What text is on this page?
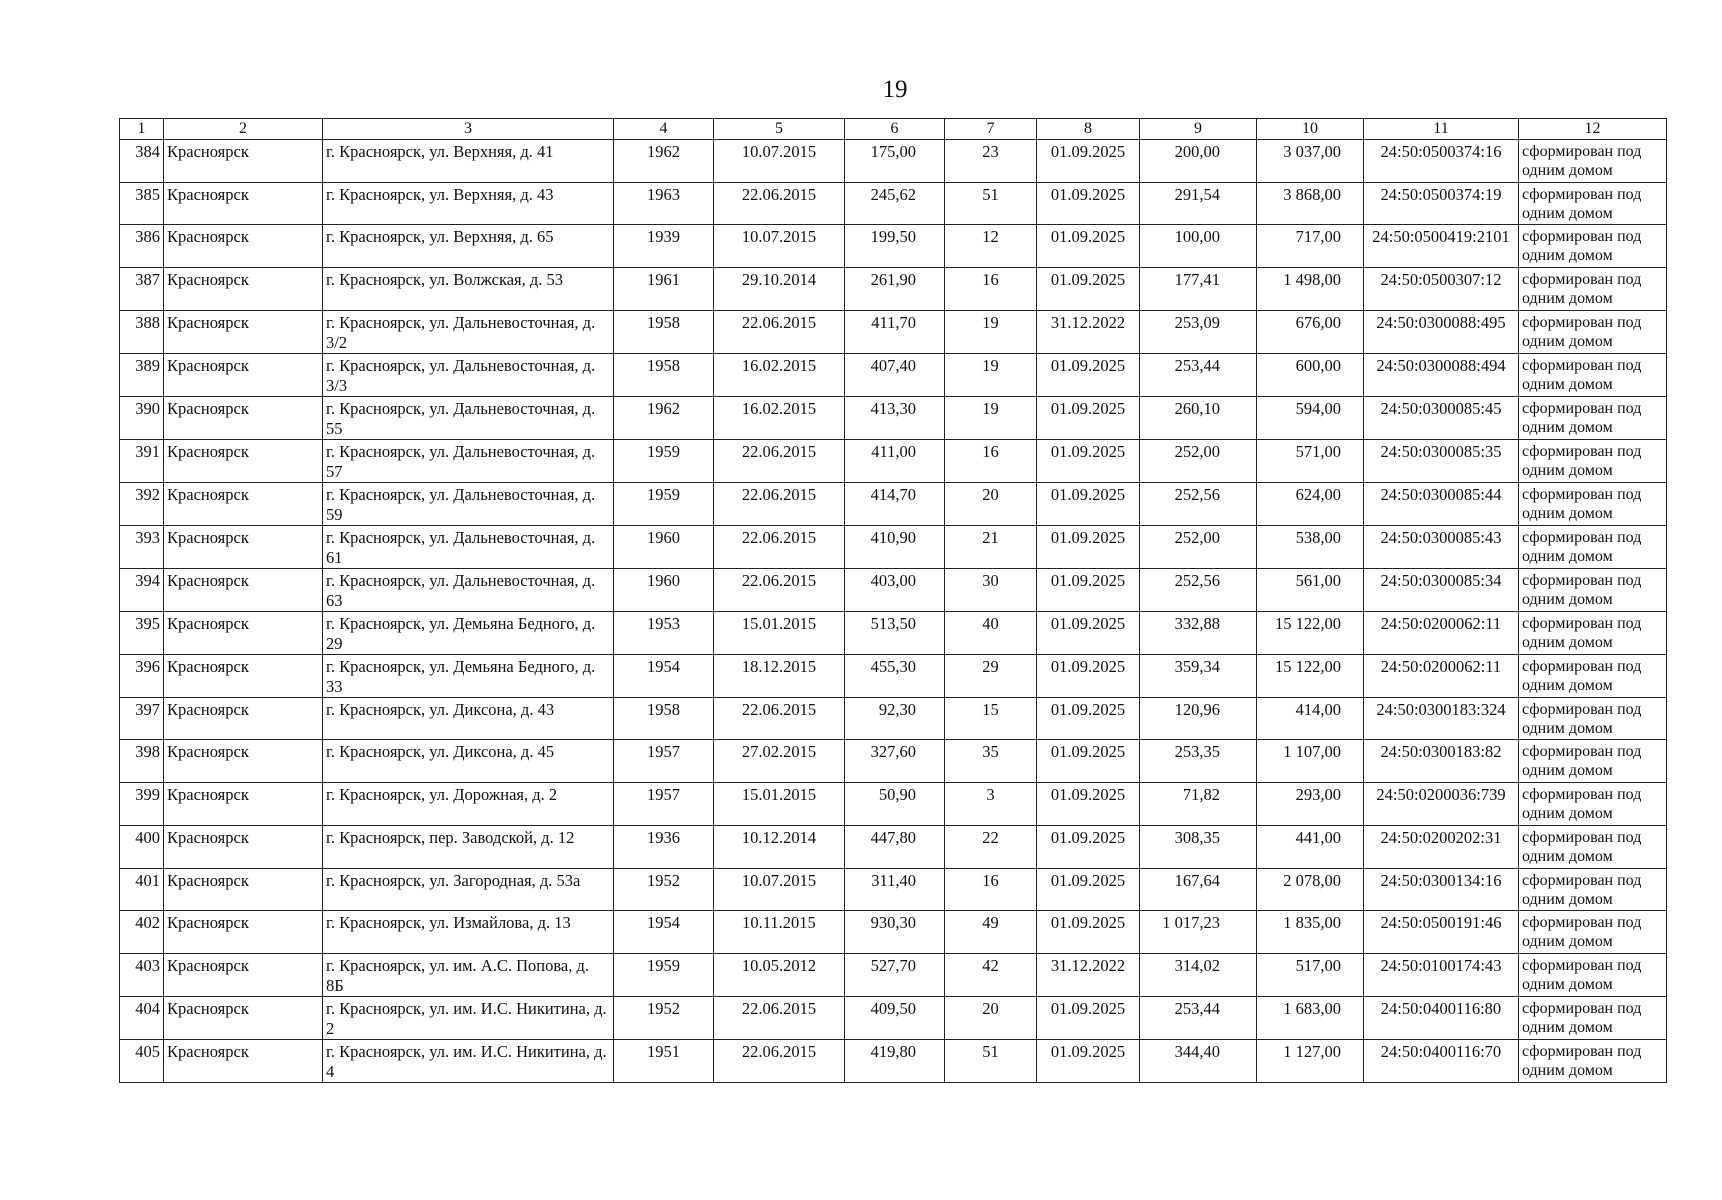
19
1	2	3	4	5	6	7	8	9	10	11	12
384	Красноярск	г. Красноярск, ул. Верхняя, д. 41	1962	10.07.2015	175,00	23	01.09.2025	200,00	3 037,00	24:50:0500374:16	сформирован под одним домом
385	Красноярск	г. Красноярск, ул. Верхняя, д. 43	1963	22.06.2015	245,62	51	01.09.2025	291,54	3 868,00	24:50:0500374:19	сформирован под одним домом
386	Красноярск	г. Красноярск, ул. Верхняя, д. 65	1939	10.07.2015	199,50	12	01.09.2025	100,00	717,00	24:50:0500419:2101	сформирован под одним домом
387	Красноярск	г. Красноярск, ул. Волжская, д. 53	1961	29.10.2014	261,90	16	01.09.2025	177,41	1 498,00	24:50:0500307:12	сформирован под одним домом
388	Красноярск	г. Красноярск, ул. Дальневосточная, д. 3/2	1958	22.06.2015	411,70	19	31.12.2022	253,09	676,00	24:50:0300088:495	сформирован под одним домом
389	Красноярск	г. Красноярск, ул. Дальневосточная, д. 3/3	1958	16.02.2015	407,40	19	01.09.2025	253,44	600,00	24:50:0300088:494	сформирован под одним домом
390	Красноярск	г. Красноярск, ул. Дальневосточная, д. 55	1962	16.02.2015	413,30	19	01.09.2025	260,10	594,00	24:50:0300085:45	сформирован под одним домом
391	Красноярск	г. Красноярск, ул. Дальневосточная, д. 57	1959	22.06.2015	411,00	16	01.09.2025	252,00	571,00	24:50:0300085:35	сформирован под одним домом
392	Красноярск	г. Красноярск, ул. Дальневосточная, д. 59	1959	22.06.2015	414,70	20	01.09.2025	252,56	624,00	24:50:0300085:44	сформирован под одним домом
393	Красноярск	г. Красноярск, ул. Дальневосточная, д. 61	1960	22.06.2015	410,90	21	01.09.2025	252,00	538,00	24:50:0300085:43	сформирован под одним домом
394	Красноярск	г. Красноярск, ул. Дальневосточная, д. 63	1960	22.06.2015	403,00	30	01.09.2025	252,56	561,00	24:50:0300085:34	сформирован под одним домом
395	Красноярск	г. Красноярск, ул. Демьяна Бедного, д. 29	1953	15.01.2015	513,50	40	01.09.2025	332,88	15 122,00	24:50:0200062:11	сформирован под одним домом
396	Красноярск	г. Красноярск, ул. Демьяна Бедного, д. 33	1954	18.12.2015	455,30	29	01.09.2025	359,34	15 122,00	24:50:0200062:11	сформирован под одним домом
397	Красноярск	г. Красноярск, ул. Диксона, д. 43	1958	22.06.2015	92,30	15	01.09.2025	120,96	414,00	24:50:0300183:324	сформирован под одним домом
398	Красноярск	г. Красноярск, ул. Диксона, д. 45	1957	27.02.2015	327,60	35	01.09.2025	253,35	1 107,00	24:50:0300183:82	сформирован под одним домом
399	Красноярск	г. Красноярск, ул. Дорожная, д. 2	1957	15.01.2015	50,90	3	01.09.2025	71,82	293,00	24:50:0200036:739	сформирован под одним домом
400	Красноярск	г. Красноярск, пер. Заводской, д. 12	1936	10.12.2014	447,80	22	01.09.2025	308,35	441,00	24:50:0200202:31	сформирован под одним домом
401	Красноярск	г. Красноярск, ул. Загородная, д. 53а	1952	10.07.2015	311,40	16	01.09.2025	167,64	2 078,00	24:50:0300134:16	сформирован под одним домом
402	Красноярск	г. Красноярск, ул. Измайлова, д. 13	1954	10.11.2015	930,30	49	01.09.2025	1 017,23	1 835,00	24:50:0500191:46	сформирован под одним домом
403	Красноярск	г. Красноярск, ул. им. А.С. Попова, д. 8Б	1959	10.05.2012	527,70	42	31.12.2022	314,02	517,00	24:50:0100174:43	сформирован под одним домом
404	Красноярск	г. Красноярск, ул. им. И.С. Никитина, д. 2	1952	22.06.2015	409,50	20	01.09.2025	253,44	1 683,00	24:50:0400116:80	сформирован под одним домом
405	Красноярск	г. Красноярск, ул. им. И.С. Никитина, д. 4	1951	22.06.2015	419,80	51	01.09.2025	344,40	1 127,00	24:50:0400116:70	сформирован под одним домом
